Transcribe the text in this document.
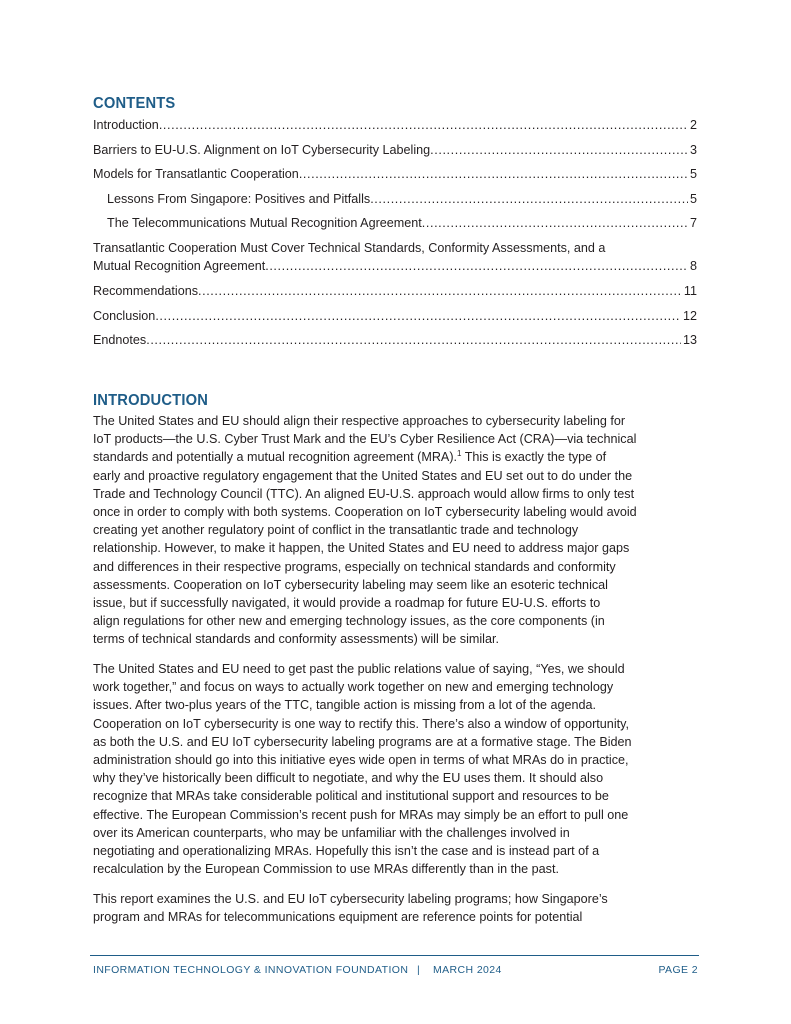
CONTENTS
Introduction .....	2
Barriers to EU-U.S. Alignment on IoT Cybersecurity Labeling .....	3
Models for Transatlantic Cooperation .....	5
Lessons From Singapore: Positives and Pitfalls .....	5
The Telecommunications Mutual Recognition Agreement .....	7
Transatlantic Cooperation Must Cover Technical Standards, Conformity Assessments, and a
Mutual Recognition Agreement .....	8
Recommendations .....	11
Conclusion .....	12
Endnotes .....	13
INTRODUCTION

The United States and EU should align their respective approaches to cybersecurity labeling for
IoT products—the U.S. Cyber Trust Mark and the EU’s Cyber Resilience Act (CRA)—via technical
standards and potentially a mutual recognition agreement (MRA).$^1$ This is exactly the type of
early and proactive regulatory engagement that the United States and EU set out to do under the
Trade and Technology Council (TTC). An aligned EU-U.S. approach would allow firms to only test
once in order to comply with both systems. Cooperation on IoT cybersecurity labeling would avoid
creating yet another regulatory point of conflict in the transatlantic trade and technology
relationship. However, to make it happen, the United States and EU need to address major gaps
and differences in their respective programs, especially on technical standards and conformity
assessments. Cooperation on IoT cybersecurity labeling may seem like an esoteric technical
issue, but if successfully navigated, it would provide a roadmap for future EU-U.S. efforts to
align regulations for other new and emerging technology issues, as the core components (in
terms of technical standards and conformity assessments) will be similar.

The United States and EU need to get past the public relations value of saying, “Yes, we should
work together,” and focus on ways to actually work together on new and emerging technology
issues. After two-plus years of the TTC, tangible action is missing from a lot of the agenda.
Cooperation on IoT cybersecurity is one way to rectify this. There’s also a window of opportunity,
as both the U.S. and EU IoT cybersecurity labeling programs are at a formative stage. The Biden
administration should go into this initiative eyes wide open in terms of what MRAs do in practice,
why they’ve historically been difficult to negotiate, and why the EU uses them. It should also
recognize that MRAs take considerable political and institutional support and resources to be
effective. The European Commission’s recent push for MRAs may simply be an effort to pull one
over its American counterparts, who may be unfamiliar with the challenges involved in
negotiating and operationalizing MRAs. Hopefully this isn’t the case and is instead part of a
recalculation by the European Commission to use MRAs differently than in the past.

This report examines the U.S. and EU IoT cybersecurity labeling programs; how Singapore’s
program and MRAs for telecommunications equipment are reference points for potential

INFORMATION TECHNOLOGY & INNOVATION FOUNDATION | MARCH 2024	PAGE 2
